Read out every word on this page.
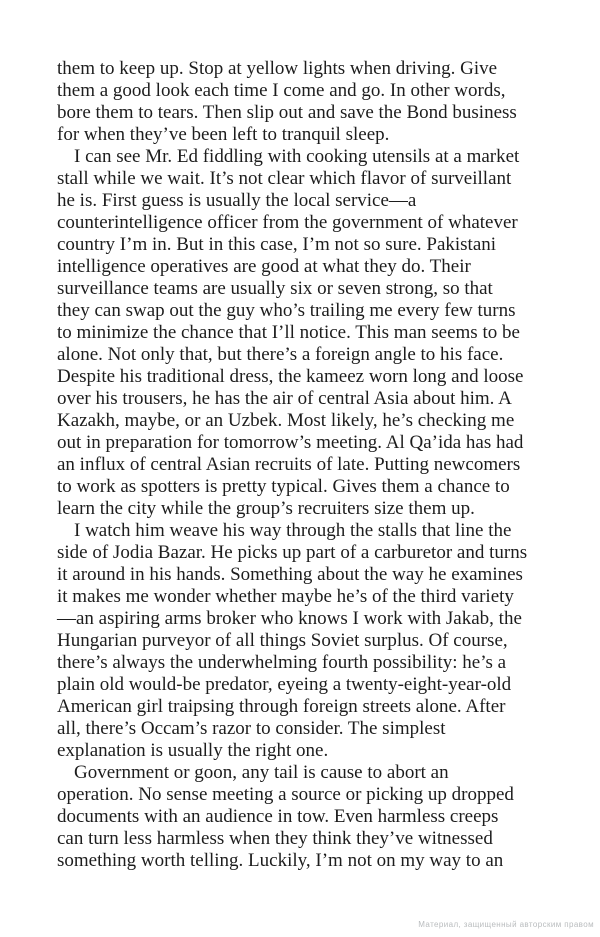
them to keep up. Stop at yellow lights when driving. Give
them a good look each time I come and go. In other words,
bore them to tears. Then slip out and save the Bond business
for when they’ve been left to tranquil sleep.
I can see Mr. Ed fiddling with cooking utensils at a market
stall while we wait. It’s not clear which flavor of surveillant
he is. First guess is usually the local service—a
counterintelligence officer from the government of whatever
country I’m in. But in this case, I’m not so sure. Pakistani
intelligence operatives are good at what they do. Their
surveillance teams are usually six or seven strong, so that
they can swap out the guy who’s trailing me every few turns
to minimize the chance that I’ll notice. This man seems to be
alone. Not only that, but there’s a foreign angle to his face.
Despite his traditional dress, the kameez worn long and loose
over his trousers, he has the air of central Asia about him. A
Kazakh, maybe, or an Uzbek. Most likely, he’s checking me
out in preparation for tomorrow’s meeting. Al Qa’ida has had
an influx of central Asian recruits of late. Putting newcomers
to work as spotters is pretty typical. Gives them a chance to
learn the city while the group’s recruiters size them up.
I watch him weave his way through the stalls that line the
side of Jodia Bazar. He picks up part of a carburetor and turns
it around in his hands. Something about the way he examines
it makes me wonder whether maybe he’s of the third variety
—an aspiring arms broker who knows I work with Jakab, the
Hungarian purveyor of all things Soviet surplus. Of course,
there’s always the underwhelming fourth possibility: he’s a
plain old would-be predator, eyeing a twenty-eight-year-old
American girl traipsing through foreign streets alone. After
all, there’s Occam’s razor to consider. The simplest
explanation is usually the right one.
Government or goon, any tail is cause to abort an
operation. No sense meeting a source or picking up dropped
documents with an audience in tow. Even harmless creeps
can turn less harmless when they think they’ve witnessed
something worth telling. Luckily, I’m not on my way to an
Материал, защищенный авторским правом
